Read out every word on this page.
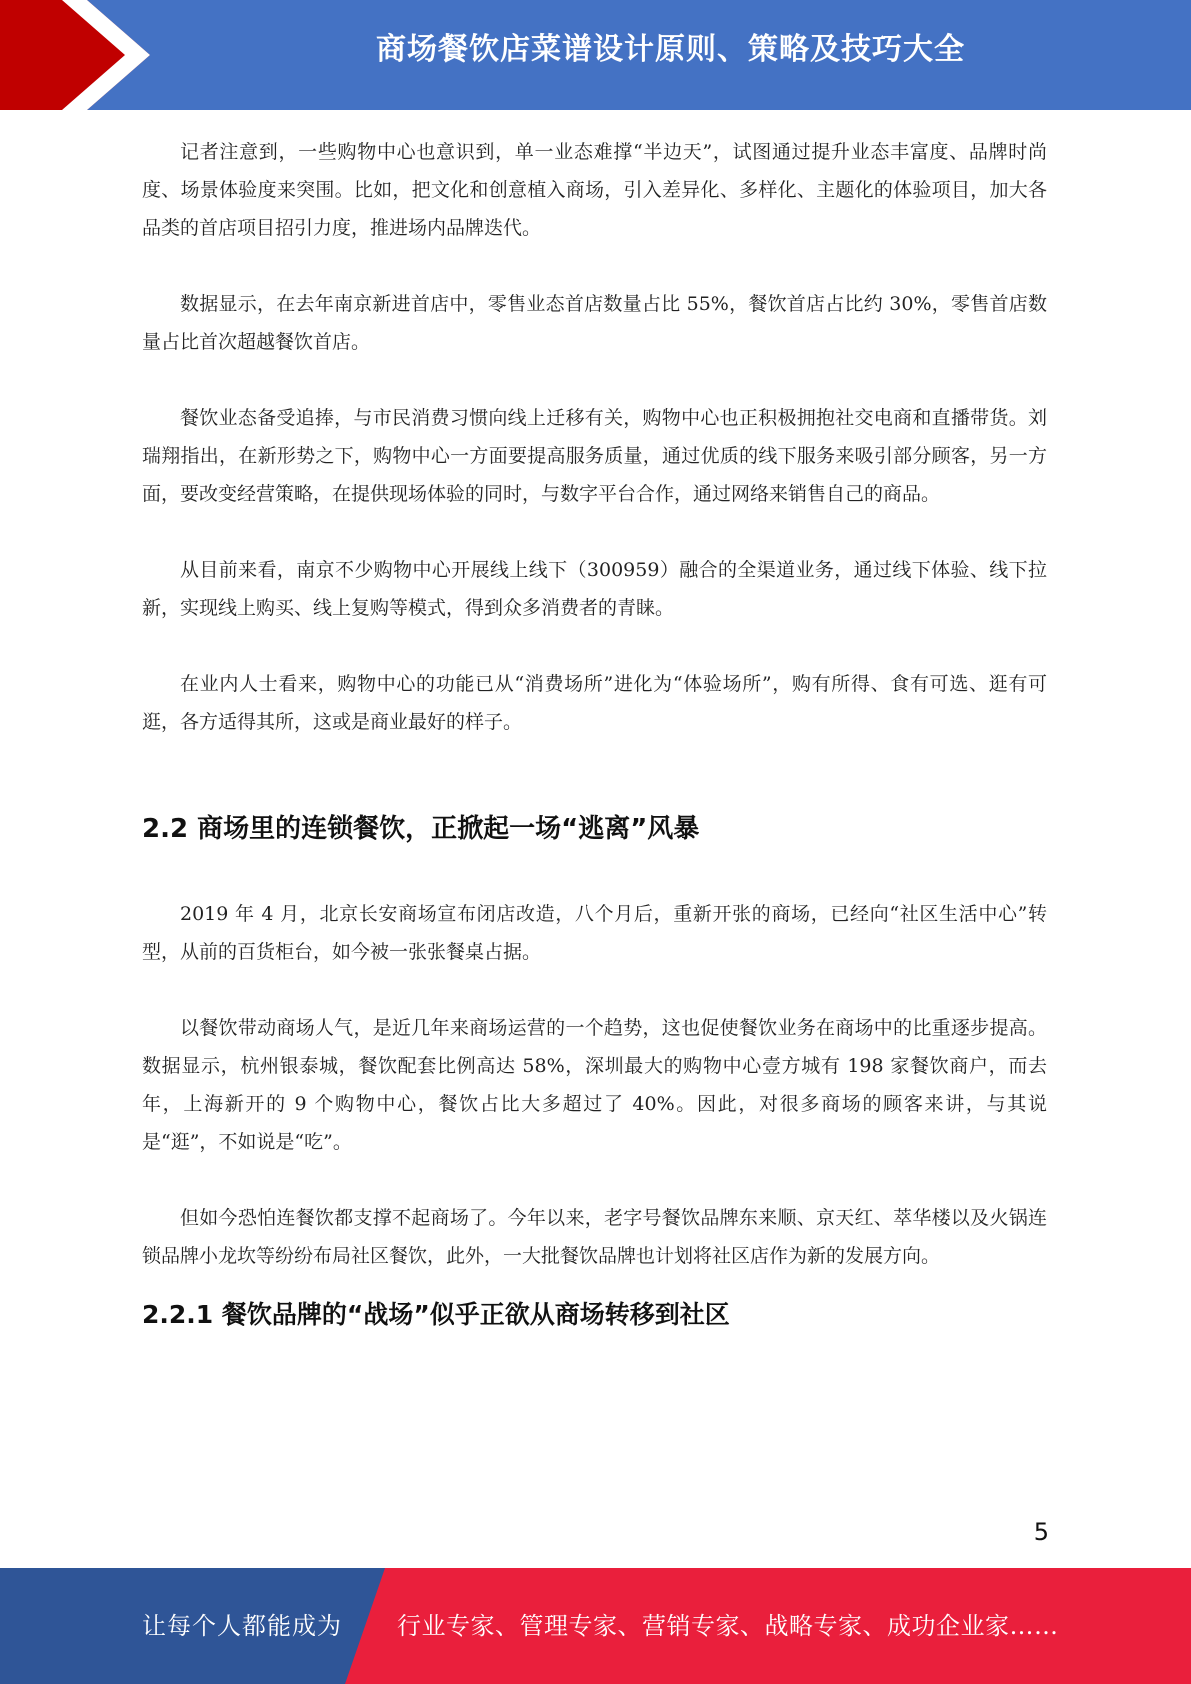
商场餐饮店菜谱设计原则、策略及技巧大全

记者注意到，一些购物中心也意识到，单一业态难撑“半边天”，试图通过提升业态丰富度、品牌时尚度、场景体验度来突围。比如，把文化和创意植入商场，引入差异化、多样化、主题化的体验项目，加大各品类的首店项目招引力度，推进场内品牌迭代。

数据显示，在去年南京新进首店中，零售业态首店数量占比 55%，餐饮首店占比约 30%，零售首店数量占比首次超越餐饮首店。

餐饮业态备受追捧，与市民消费习惯向线上迁移有关，购物中心也正积极拥抱社交电商和直播带货。刘瑞翔指出，在新形势之下，购物中心一方面要提高服务质量，通过优质的线下服务来吸引部分顾客，另一方面，要改变经营策略，在提供现场体验的同时，与数字平台合作，通过网络来销售自己的商品。

从目前来看，南京不少购物中心开展线上线下（300959）融合的全渠道业务，通过线下体验、线下拉新，实现线上购买、线上复购等模式，得到众多消费者的青睐。

在业内人士看来，购物中心的功能已从“消费场所”进化为“体验场所”，购有所得、食有可选、逛有可逛，各方适得其所，这或是商业最好的样子。

2.2 商场里的连锁餐饮，正掀起一场“逃离”风暴

2019 年 4 月，北京长安商场宣布闭店改造，八个月后，重新开张的商场，已经向“社区生活中心”转型，从前的百货柜台，如今被一张张餐桌占据。

以餐饮带动商场人气，是近几年来商场运营的一个趋势，这也促使餐饮业务在商场中的比重逐步提高。数据显示，杭州银泰城，餐饮配套比例高达 58%，深圳最大的购物中心壹方城有 198 家餐饮商户，而去年，上海新开的 9 个购物中心，餐饮占比大多超过了 40%。因此，对很多商场的顾客来讲，与其说是“逛”，不如说是“吃”。

但如今恐怕连餐饮都支撑不起商场了。今年以来，老字号餐饮品牌东来顺、京天红、萃华楼以及火锅连锁品牌小龙坎等纷纷布局社区餐饮，此外，一大批餐饮品牌也计划将社区店作为新的发展方向。

2.2.1 餐饮品牌的“战场”似乎正欲从商场转移到社区
5
让每个人都能成为 行业专家、管理专家、营销专家、战略专家、成功企业家……
